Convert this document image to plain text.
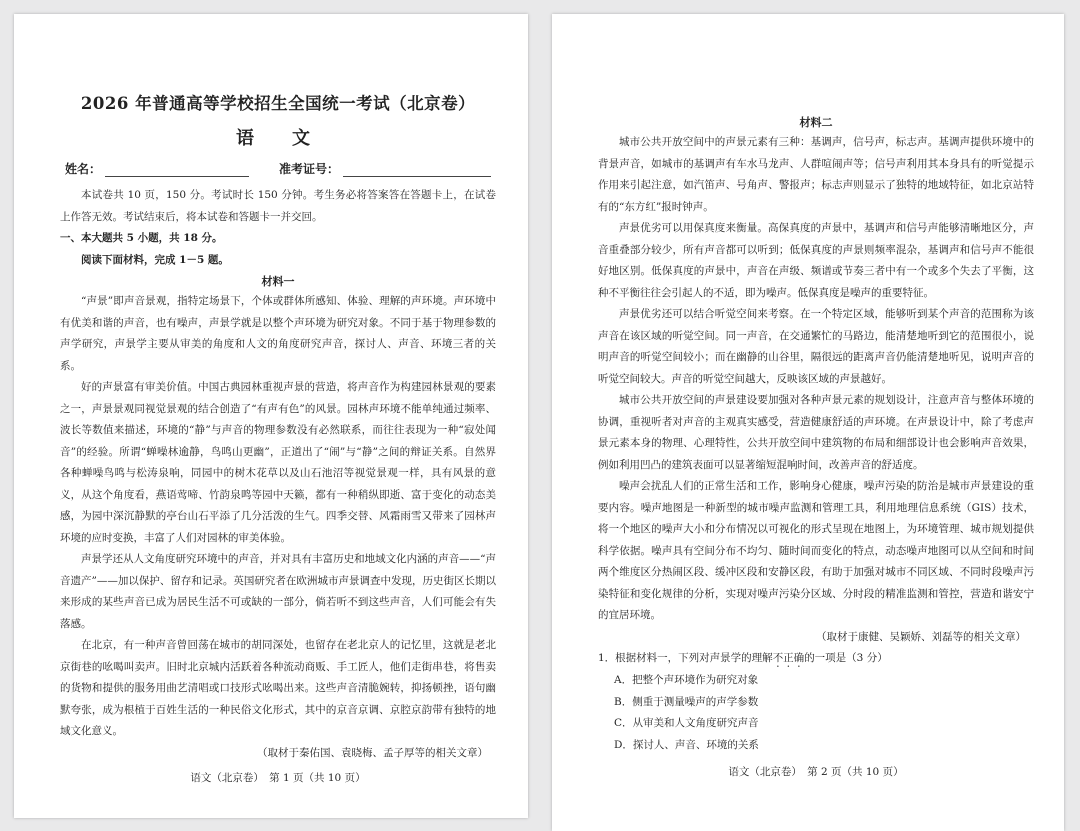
2026 年普通高等学校招生全国统一考试（北京卷）
语　文
姓名：	准考证号：

本试卷共 10 页，150 分。考试时长 150 分钟。考生务必将答案答在答题卡上，在试卷上作答无效。考试结束后，将本试卷和答题卡一并交回。

一、本大题共 5 小题，共 18 分。

阅读下面材料，完成 1－5 题。

材料一

“声景”即声音景观，指特定场景下，个体或群体所感知、体验、理解的声环境。声环境中有优美和谐的声音，也有噪声，声景学就是以整个声环境为研究对象。不同于基于物理参数的声学研究，声景学主要从审美的角度和人文的角度研究声音，探讨人、声音、环境三者的关系。

好的声景富有审美价值。中国古典园林重视声景的营造，将声音作为构建园林景观的要素之一，声景景观同视觉景观的结合创造了“有声有色”的风景。园林声环境不能单纯通过频率、波长等数值来描述，环境的“静”与声音的物理参数没有必然联系，而往往表现为一种“寂处闻音”的经验。所谓“蝉噪林逾静，鸟鸣山更幽”，正道出了“闹”与“静”之间的辩证关系。自然界各种蝉噪鸟鸣与松涛泉响，同园中的树木花草以及山石池沼等视觉景观一样，具有风景的意义，从这个角度看，燕语莺啼、竹韵泉鸣等园中天籁，都有一种稍纵即逝、富于变化的动态美感，为园中深沉静默的亭台山石平添了几分活泼的生气。四季交替、风霜雨雪又带来了园林声环境的应时变换，丰富了人们对园林的审美体验。

声景学还从人文角度研究环境中的声音，并对具有丰富历史和地域文化内涵的声音——“声音遗产”——加以保护、留存和记录。英国研究者在欧洲城市声景调查中发现，历史街区长期以来形成的某些声音已成为居民生活不可或缺的一部分，倘若听不到这些声音，人们可能会有失落感。

在北京，有一种声音曾回荡在城市的胡同深处，也留存在老北京人的记忆里，这就是老北京街巷的吆喝叫卖声。旧时北京城内活跃着各种流动商贩、手工匠人，他们走街串巷，将售卖的货物和提供的服务用曲艺清唱或口技形式吆喝出来。这些声音清脆婉转，抑扬顿挫，语句幽默夸张，成为根植于百姓生活的一种民俗文化形式，其中的京音京调、京腔京韵带有独特的地域文化意义。

（取材于秦佑国、袁晓梅、孟子厚等的相关文章）

语文（北京卷）　第 1 页（共 10 页）
材料二

城市公共开放空间中的声景元素有三种：基调声，信号声，标志声。基调声提供环境中的背景声音，如城市的基调声有车水马龙声、人群喧闹声等；信号声利用其本身具有的听觉提示作用来引起注意，如汽笛声、号角声、警报声；标志声则显示了独特的地域特征，如北京站特有的“东方红”报时钟声。

声景优劣可以用保真度来衡量。高保真度的声景中，基调声和信号声能够清晰地区分，声音重叠部分较少，所有声音都可以听到；低保真度的声景则频率混杂，基调声和信号声不能很好地区别。低保真度的声景中，声音在声级、频谱或节奏三者中有一个或多个失去了平衡，这种不平衡往往会引起人的不适，即为噪声。低保真度是噪声的重要特征。

声景优劣还可以结合听觉空间来考察。在一个特定区域，能够听到某个声音的范围称为该声音在该区域的听觉空间。同一声音，在交通繁忙的马路边，能清楚地听到它的范围很小，说明声音的听觉空间较小；而在幽静的山谷里，隔很远的距离声音仍能清楚地听见，说明声音的听觉空间较大。声音的听觉空间越大，反映该区域的声景越好。

城市公共开放空间的声景建设要加强对各种声景元素的规划设计，注意声音与整体环境的协调，重视听者对声音的主观真实感受，营造健康舒适的声环境。在声景设计中，除了考虑声景元素本身的物理、心理特性，公共开放空间中建筑物的布局和细部设计也会影响声音效果，例如利用凹凸的建筑表面可以显著缩短混响时间，改善声音的舒适度。

噪声会扰乱人们的正常生活和工作，影响身心健康，噪声污染的防治是城市声景建设的重要内容。噪声地图是一种新型的城市噪声监测和管理工具，利用地理信息系统（GIS）技术，将一个地区的噪声大小和分布情况以可视化的形式呈现在地图上，为环境管理、城市规划提供科学依据。噪声具有空间分布不均匀、随时间而变化的特点，动态噪声地图可以从空间和时间两个维度区分热闹区段、缓冲区段和安静区段，有助于加强对城市不同区域、不同时段噪声污染特征和变化规律的分析，实现对噪声污染分区域、分时段的精准监测和管控，营造和谐安宁的宜居环境。

（取材于康健、吴颖娇、刘磊等的相关文章）

1．根据材料一，下列对声景学的理解不正确的一项是（3 分）

A．把整个声环境作为研究对象

B．侧重于测量噪声的声学参数

C．从审美和人文角度研究声音

D．探讨人、声音、环境的关系

语文（北京卷）　第 2 页（共 10 页）
